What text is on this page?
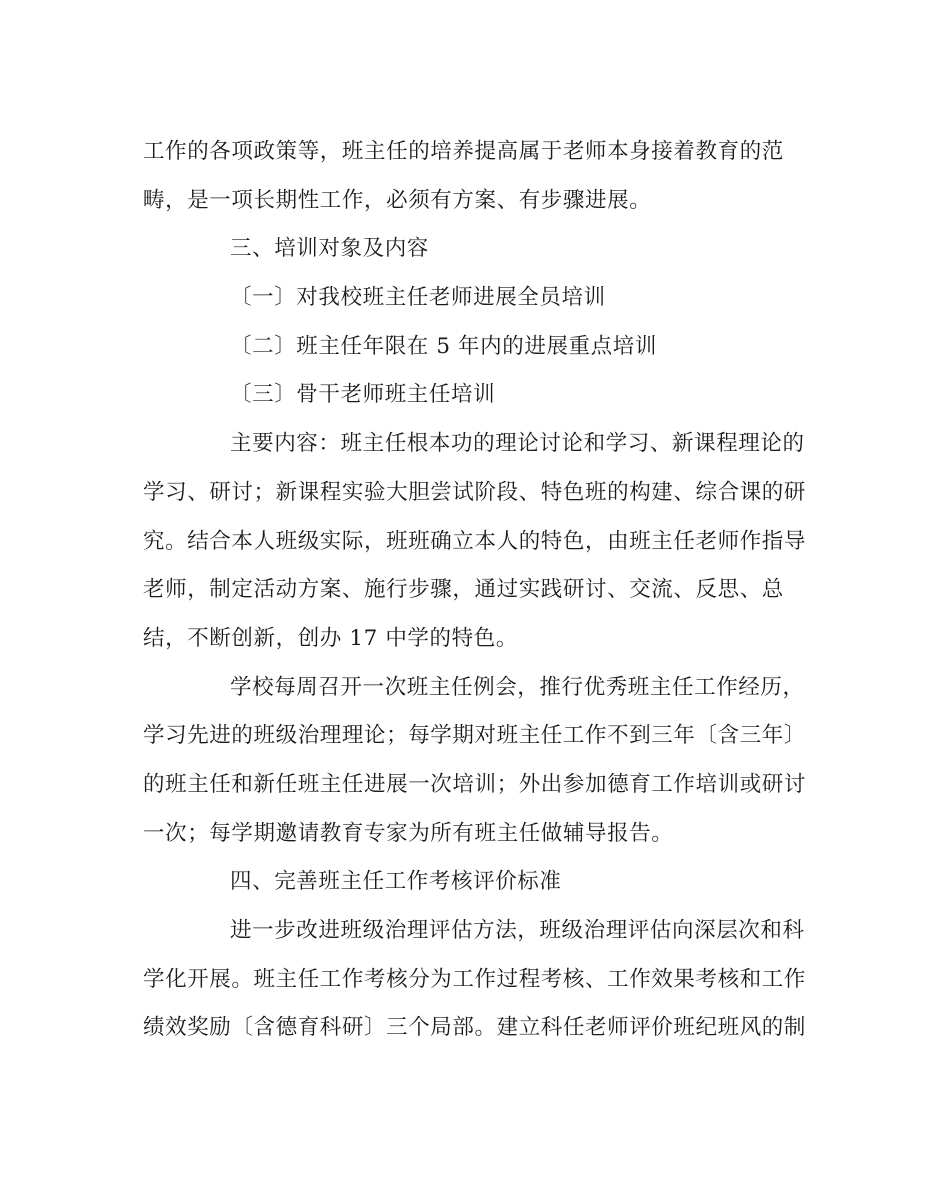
工作的各项政策等，班主任的培养提高属于老师本身接着教育的范
畴，是一项长期性工作，必须有方案、有步骤进展。
三、培训对象及内容
〔一〕对我校班主任老师进展全员培训
〔二〕班主任年限在 5 年内的进展重点培训
〔三〕骨干老师班主任培训
主要内容：班主任根本功的理论讨论和学习、新课程理论的
学习、研讨；新课程实验大胆尝试阶段、特色班的构建、综合课的研
究。结合本人班级实际，班班确立本人的特色，由班主任老师作指导
老师，制定活动方案、施行步骤，通过实践研讨、交流、反思、总
结，不断创新，创办 17 中学的特色。
学校每周召开一次班主任例会，推行优秀班主任工作经历，
学习先进的班级治理理论；每学期对班主任工作不到三年〔含三年〕
的班主任和新任班主任进展一次培训；外出参加德育工作培训或研讨
一次；每学期邀请教育专家为所有班主任做辅导报告。
四、完善班主任工作考核评价标准
进一步改进班级治理评估方法，班级治理评估向深层次和科
学化开展。班主任工作考核分为工作过程考核、工作效果考核和工作
绩效奖励〔含德育科研〕三个局部。建立科任老师评价班纪班风的制
